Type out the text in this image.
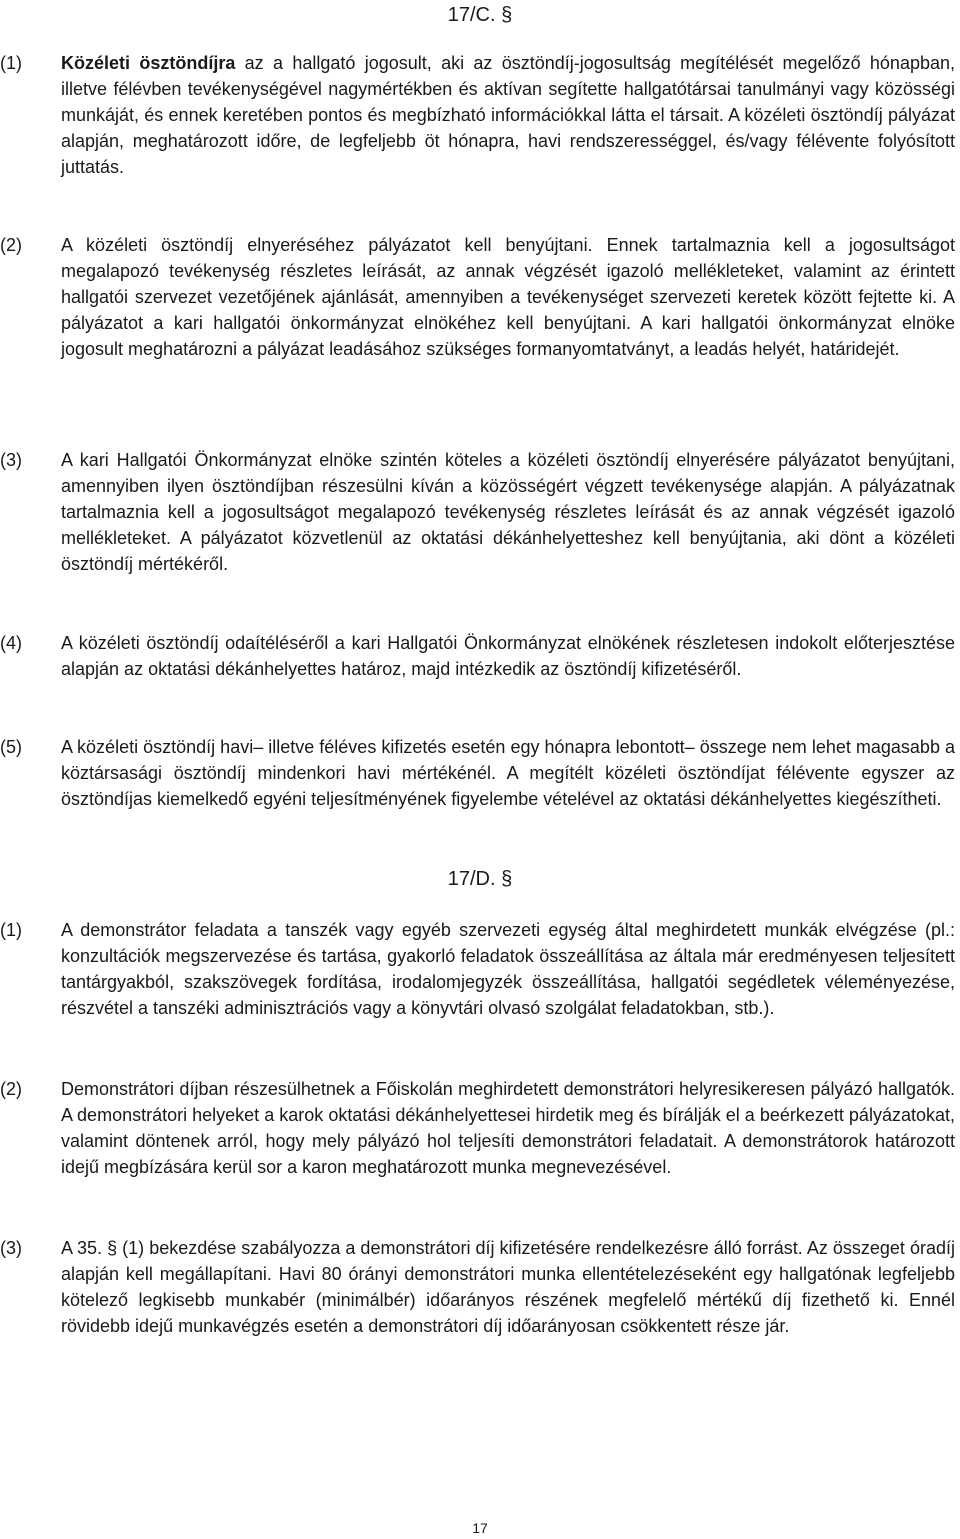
17/C. §
(1)	Közéleti ösztöndíjra az a hallgató jogosult, aki az ösztöndíj-jogosultság megítélését megelőző hónapban, illetve félévben tevékenységével nagymértékben és aktívan segítette hallgatótársai tanulmányi vagy közösségi munkáját, és ennek keretében pontos és megbízható információkkal látta el társait. A közéleti ösztöndíj pályázat alapján, meghatározott időre, de legfeljebb öt hónapra, havi rendszerességgel, és/vagy félévente folyósított juttatás.
(2)	A közéleti ösztöndíj elnyeréséhez pályázatot kell benyújtani. Ennek tartalmaznia kell a jogosultságot megalapozó tevékenység részletes leírását, az annak végzését igazoló mellékleteket, valamint az érintett hallgatói szervezet vezetőjének ajánlását, amennyiben a tevékenységet szervezeti keretek között fejtette ki. A pályázatot a kari hallgatói önkormányzat elnökéhez kell benyújtani. A kari hallgatói önkormányzat elnöke jogosult meghatározni a pályázat leadásához szükséges formanyomtatványt, a leadás helyét, határidejét.
(3)	A kari Hallgatói Önkormányzat elnöke szintén köteles a közéleti ösztöndíj elnyerésére pályázatot benyújtani, amennyiben ilyen ösztöndíjban részesülni kíván a közösségért végzett tevékenysége alapján. A pályázatnak tartalmaznia kell a jogosultságot megalapozó tevékenység részletes leírását és az annak végzését igazoló mellékleteket. A pályázatot közvetlenül az oktatási dékánhelyetteshez kell benyújtania, aki dönt a közéleti ösztöndíj mértékéről.
(4)	A közéleti ösztöndíj odaítéléséről a kari Hallgatói Önkormányzat elnökének részletesen indokolt előterjesztése alapján az oktatási dékánhelyettes határoz, majd intézkedik az ösztöndíj kifizetéséről.
(5)	A közéleti ösztöndíj havi– illetve féléves kifizetés esetén egy hónapra lebontott– összege nem lehet magasabb a köztársasági ösztöndíj mindenkori havi mértékénél. A megítélt közéleti ösztöndíjat félévente egyszer az ösztöndíjas kiemelkedő egyéni teljesítményének figyelembe vételével az oktatási dékánhelyettes kiegészítheti.
17/D. §
(1)	A demonstrátor feladata a tanszék vagy egyéb szervezeti egység által meghirdetett munkák elvégzése (pl.: konzultációk megszervezése és tartása, gyakorló feladatok összeállítása az általa már eredményesen teljesített tantárgyakból, szakszövegek fordítása, irodalomjegyzék összeállítása, hallgatói segédletek véleményezése, részvétel a tanszéki adminisztrációs vagy a könyvtári olvasó szolgálat feladatokban, stb.).
(2)	Demonstrátori díjban részesülhetnek a Főiskolán meghirdetett demonstrátori helyresikeresen pályázó hallgatók. A demonstrátori helyeket a karok oktatási dékánhelyettesei hirdetik meg és bírálják el a beérkezett pályázatokat, valamint döntenek arról, hogy mely pályázó hol teljesíti demonstrátori feladatait. A demonstrátorok határozott idejű megbízására kerül sor a karon meghatározott munka megnevezésével.
(3)	A 35. § (1) bekezdése szabályozza a demonstrátori díj kifizetésére rendelkezésre álló forrást. Az összeget óradíj alapján kell megállapítani. Havi 80 órányi demonstrátori munka ellentételezéseként egy hallgatónak legfeljebb kötelező legkisebb munkabér (minimálbér) időarányos részének megfelelő mértékű díj fizethető ki. Ennél rövidebb idejű munkavégzés esetén a demonstrátori díj időarányosan csökkentett része jár.
17
